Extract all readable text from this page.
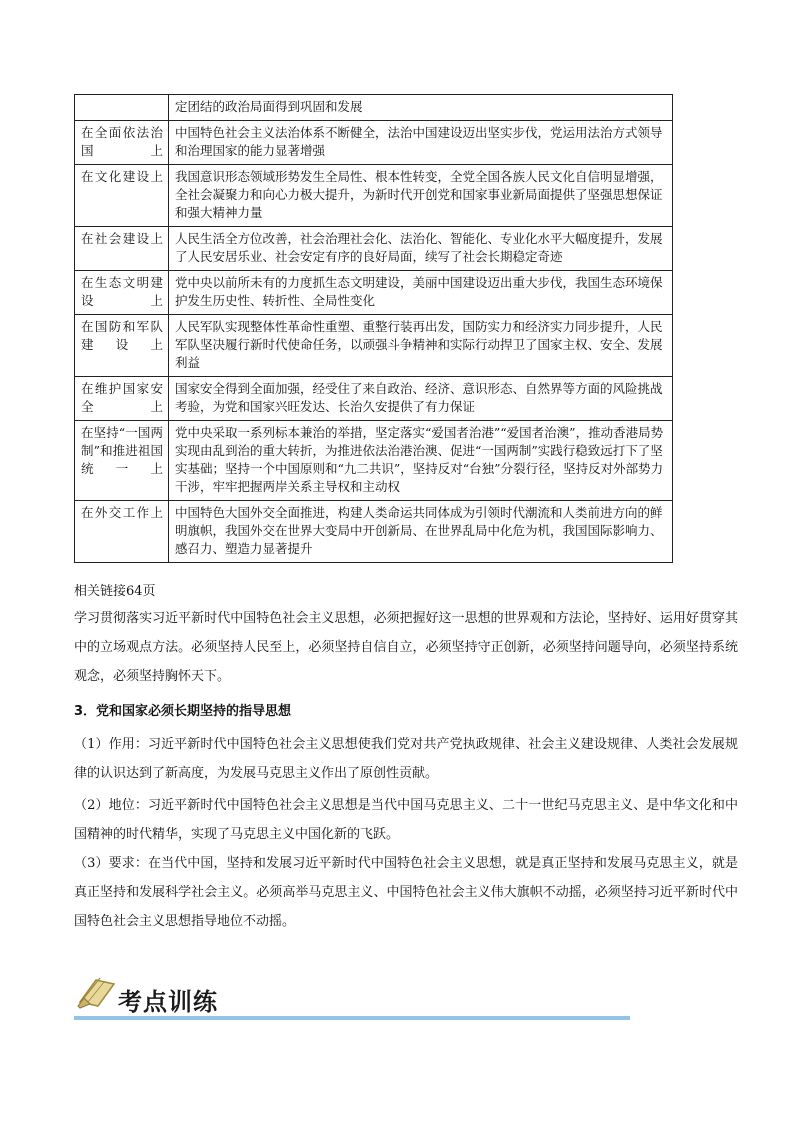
	定团结的政治局面得到巩固和发展
在全面依法治国上	中国特色社会主义法治体系不断健全，法治中国建设迈出坚实步伐，党运用法治方式领导和治理国家的能力显著增强
在文化建设上	我国意识形态领域形势发生全局性、根本性转变，全党全国各族人民文化自信明显增强，全社会凝聚力和向心力极大提升，为新时代开创党和国家事业新局面提供了坚强思想保证和强大精神力量
在社会建设上	人民生活全方位改善，社会治理社会化、法治化、智能化、专业化水平大幅度提升，发展了人民安居乐业、社会安定有序的良好局面，续写了社会长期稳定奇迹
在生态文明建设上	党中央以前所未有的力度抓生态文明建设，美丽中国建设迈出重大步伐，我国生态环境保护发生历史性、转折性、全局性变化
在国防和军队建设上	人民军队实现整体性革命性重塑、重整行装再出发，国防实力和经济实力同步提升，人民军队坚决履行新时代使命任务，以顽强斗争精神和实际行动捍卫了国家主权、安全、发展利益
在维护国家安全上	国家安全得到全面加强，经受住了来自政治、经济、意识形态、自然界等方面的风险挑战考验，为党和国家兴旺发达、长治久安提供了有力保证
在坚持“一国两制”和推进祖国统一上	党中央采取一系列标本兼治的举措，坚定落实“爱国者治港”“爱国者治澳”，推动香港局势实现由乱到治的重大转折，为推进依法治港治澳、促进“一国两制”实践行稳致远打下了坚实基础；坚持一个中国原则和“九二共识”，坚持反对“台独”分裂行径，坚持反对外部势力干涉，牢牢把握两岸关系主导权和主动权
在外交工作上	中国特色大国外交全面推进，构建人类命运共同体成为引领时代潮流和人类前进方向的鲜明旗帜，我国外交在世界大变局中开创新局、在世界乱局中化危为机，我国国际影响力、感召力、塑造力显著提升
相关链接64页
学习贯彻落实习近平新时代中国特色社会主义思想，必须把握好这一思想的世界观和方法论，坚持好、运用好贯穿其中的立场观点方法。必须坚持人民至上，必须坚持自信自立，必须坚持守正创新，必须坚持问题导向，必须坚持系统观念，必须坚持胸怀天下。
3．党和国家必须长期坚持的指导思想
（1）作用：习近平新时代中国特色社会主义思想使我们党对共产党执政规律、社会主义建设规律、人类社会发展规律的认识达到了新高度，为发展马克思主义作出了原创性贡献。
（2）地位：习近平新时代中国特色社会主义思想是当代中国马克思主义、二十一世纪马克思主义、是中华文化和中国精神的时代精华，实现了马克思主义中国化新的飞跃。
（3）要求：在当代中国，坚持和发展习近平新时代中国特色社会主义思想，就是真正坚持和发展马克思主义，就是真正坚持和发展科学社会主义。必须高举马克思主义、中国特色社会主义伟大旗帜不动摇，必须坚持习近平新时代中国特色社会主义思想指导地位不动摇。
考点训练
